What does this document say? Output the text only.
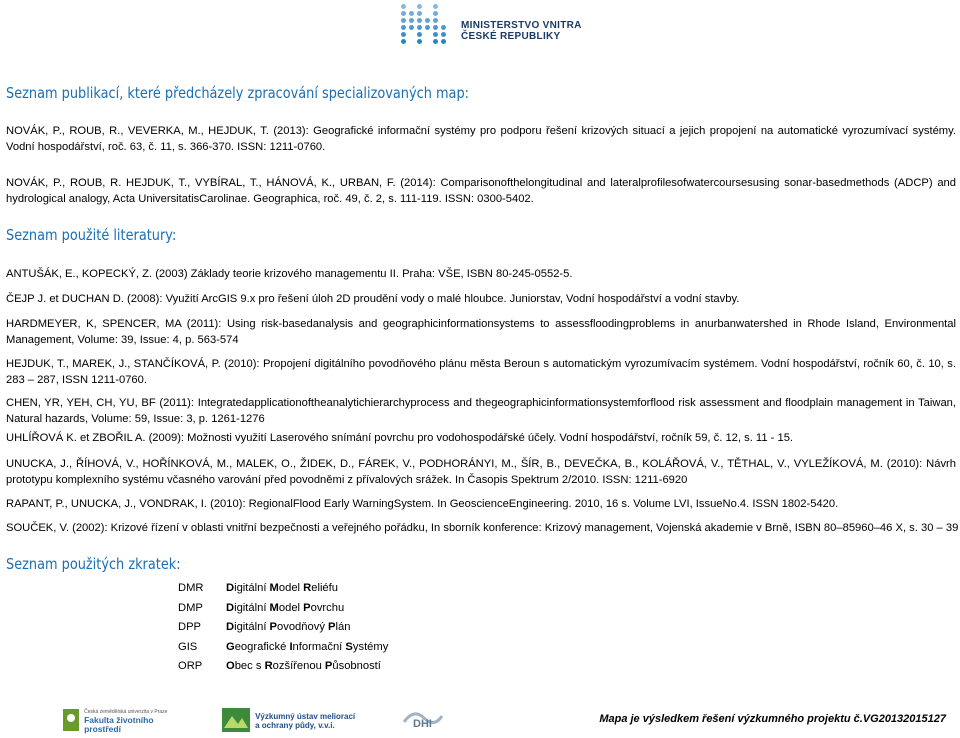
MINISTERSTVO VNITRA
ČESKÉ REPUBLIKY
Seznam publikací, které předcházely zpracování specializovaných map:

NOVÁK, P., ROUB, R., VEVERKA, M., HEJDUK, T. (2013): Geografické informační systémy pro podporu řešení krizových situací a jejich propojení na automatické vyrozumívací systémy. Vodní hospodářství, roč. 63, č. 11, s. 366-370. ISSN: 1211-0760.

NOVÁK, P., ROUB, R. HEJDUK, T., VYBÍRAL, T., HÁNOVÁ, K., URBAN, F. (2014): Comparisonofthelongitudinal and lateralprofilesofwatercoursesusing sonar-basedmethods (ADCP) and hydrological analogy, Acta UniversitatisCarolinae. Geographica, roč. 49, č. 2, s. 111-119. ISSN: 0300-5402.

Seznam použité literatury:

ANTUŠÁK, E., KOPECKÝ, Z. (2003) Základy teorie krizového managementu II. Praha: VŠE, ISBN 80-245-0552-5.

ČEJP J. et DUCHAN D. (2008): Využití ArcGIS 9.x pro řešení úloh 2D proudění vody o malé hloubce. Juniorstav, Vodní hospodářství a vodní stavby.

HARDMEYER, K, SPENCER, MA (2011): Using risk-basedanalysis and geographicinformationsystems to assessfloodingproblems in anurbanwatershed in Rhode Island, Environmental Management, Volume: 39, Issue: 4, p. 563-574

HEJDUK, T., MAREK, J., STANČÍKOVÁ, P. (2010): Propojení digitálního povodňového plánu města Beroun s automatickým vyrozumívacím systémem. Vodní hospodářství, ročník 60, č. 10, s. 283 – 287, ISSN 1211-0760.

CHEN, YR, YEH, CH, YU, BF (2011): Integratedapplicationoftheanalytichierarchyprocess and thegeographicinformationsystemforflood risk assessment and floodplain management in Taiwan, Natural hazards, Volume: 59, Issue: 3, p. 1261-1276

UHLÍŘOVÁ K. et ZBOŘIL A. (2009): Možnosti využití Laserového snímání povrchu pro vodohospodářské účely. Vodní hospodářství, ročník 59, č. 12, s. 11 - 15.

UNUCKA, J., ŘÍHOVÁ, V., HOŘÍNKOVÁ, M., MALEK, O., ŽIDEK, D., FÁREK, V., PODHORÁNYI, M., ŠÍR, B., DEVEČKA, B., KOLÁŘOVÁ, V., TĚTHAL, V., VYLEŽÍKOVÁ, M. (2010): Návrh prototypu komplexního systému včasného varování před povodněmi z přívalových srážek. In Časopis Spektrum 2/2010. ISSN: 1211-6920

RAPANT, P., UNUCKA, J., VONDRAK, I. (2010): RegionalFlood Early WarningSystem. In GeoscienceEngineering. 2010, 16 s. Volume LVI, IssueNo.4. ISSN 1802-5420.

SOUČEK, V. (2002): Krizové řízení v oblasti vnitřní bezpečnosti a veřejného pořádku, In sborník konference: Krizový management, Vojenská akademie v Brně, ISBN 80–85960–46 X, s. 30 – 39

Seznam použitých zkratek:
DMR	Digitální Model Reliéfu
DMP	Digitální Model Povrchu
DPP	Digitální Povodňový Plán
GIS	Geografické Informační Systémy
ORP	Obec s Rozšířenou Působností

Česká zemědělská univerzita v Praze
Fakulta životního
prostředí

Výzkumný ústav meliorací
a ochrany půdy, v.v.i.	DHI	Mapa je výsledkem řešení výzkumného projektu č.VG20132015127
